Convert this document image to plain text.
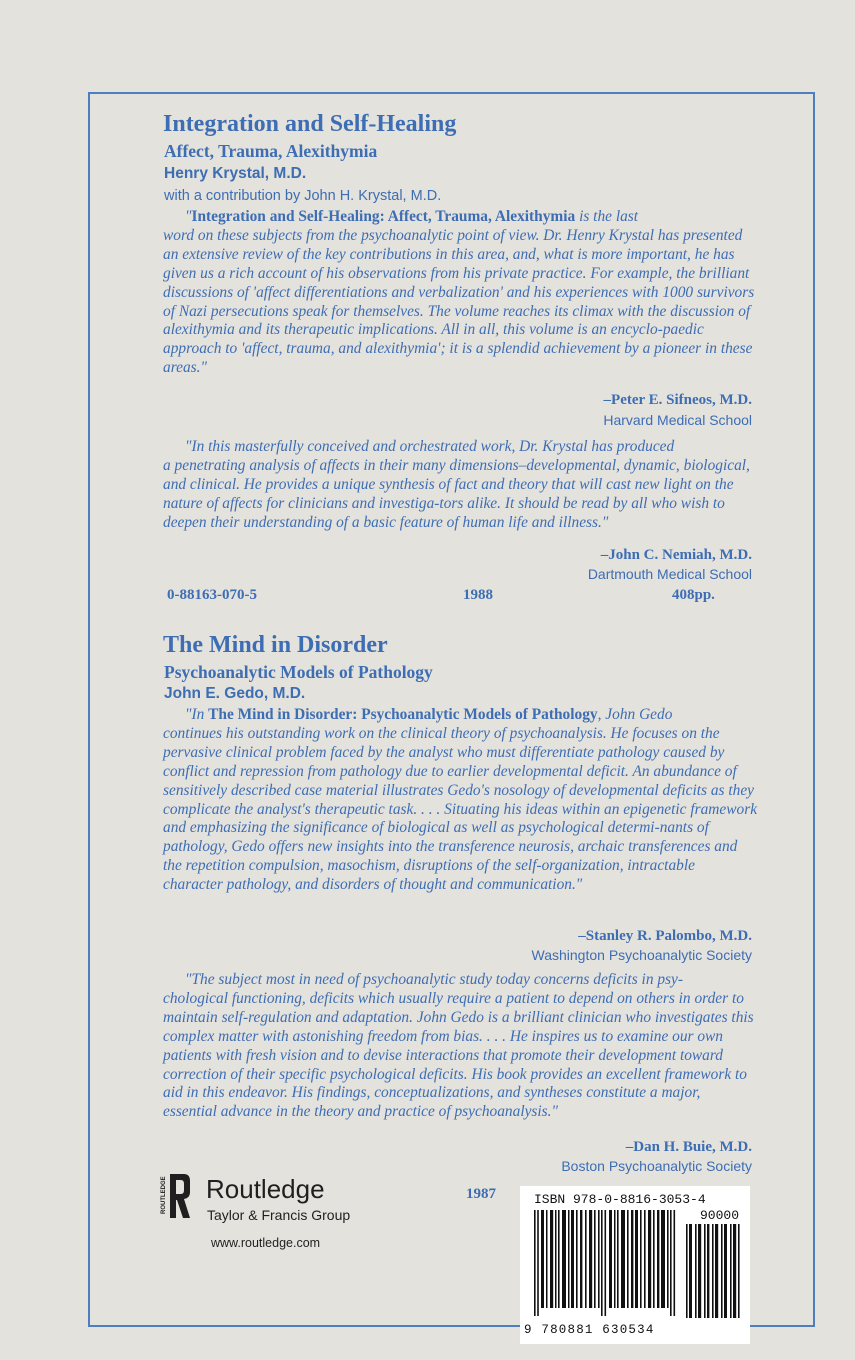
Integration and Self-Healing
Affect, Trauma, Alexithymia
Henry Krystal, M.D.
with a contribution by John H. Krystal, M.D.
"Integration and Self-Healing: Affect, Trauma, Alexithymia is the last
word on these subjects from the psychoanalytic point of view. Dr. Henry Krystal has presented an extensive review of the key contributions in this area, and, what is more important, he has given us a rich account of his observations from his private practice. For example, the brilliant discussions of 'affect differentiations and verbalization' and his experiences with 1000 survivors of Nazi persecutions speak for themselves. The volume reaches its climax with the discussion of alexithymia and its therapeutic implications. All in all, this volume is an encyclo-paedic approach to 'affect, trauma, and alexithymia'; it is a splendid achievement by a pioneer in these areas."
–Peter E. Sifneos, M.D.
Harvard Medical School
"In this masterfully conceived and orchestrated work, Dr. Krystal has produced
a penetrating analysis of affects in their many dimensions–developmental, dynamic, biological, and clinical. He provides a unique synthesis of fact and theory that will cast new light on the nature of affects for clinicians and investiga-tors alike. It should be read by all who wish to deepen their understanding of a basic feature of human life and illness."
–John C. Nemiah, M.D.
Dartmouth Medical School
0-88163-070-5	1988	408pp.
The Mind in Disorder
Psychoanalytic Models of Pathology
John E. Gedo, M.D.
"In The Mind in Disorder: Psychoanalytic Models of Pathology, John Gedo
continues his outstanding work on the clinical theory of psychoanalysis. He focuses on the pervasive clinical problem faced by the analyst who must differentiate pathology caused by conflict and repression from pathology due to earlier developmental deficit. An abundance of sensitively described case material illustrates Gedo's nosology of developmental deficits as they complicate the analyst's therapeutic task. . . . Situating his ideas within an epigenetic framework and emphasizing the significance of biological as well as psychological determi-nants of pathology, Gedo offers new insights into the transference neurosis, archaic transferences and the repetition compulsion, masochism, disruptions of the self-organization, intractable character pathology, and disorders of thought and communication."
–Stanley R. Palombo, M.D.
Washington Psychoanalytic Society
"The subject most in need of psychoanalytic study today concerns deficits in psy-
chological functioning, deficits which usually require a patient to depend on others in order to maintain self-regulation and adaptation. John Gedo is a brilliant clinician who investigates this complex matter with astonishing freedom from bias. . . . He inspires us to examine our own patients with fresh vision and to devise interactions that promote their development toward correction of their specific psychological deficits. His book provides an excellent framework to aid in this endeavor. His findings, conceptualizations, and syntheses constitute a major, essential advance in the theory and practice of psychoanalysis."
–Dan H. Buie, M.D.
Boston Psychoanalytic Society
1987
ROUTLEDGE Routledge
Taylor & Francis Group
www.routledge.com
ISBN 978-0-8816-3053-4
90000
9 780881 630534
